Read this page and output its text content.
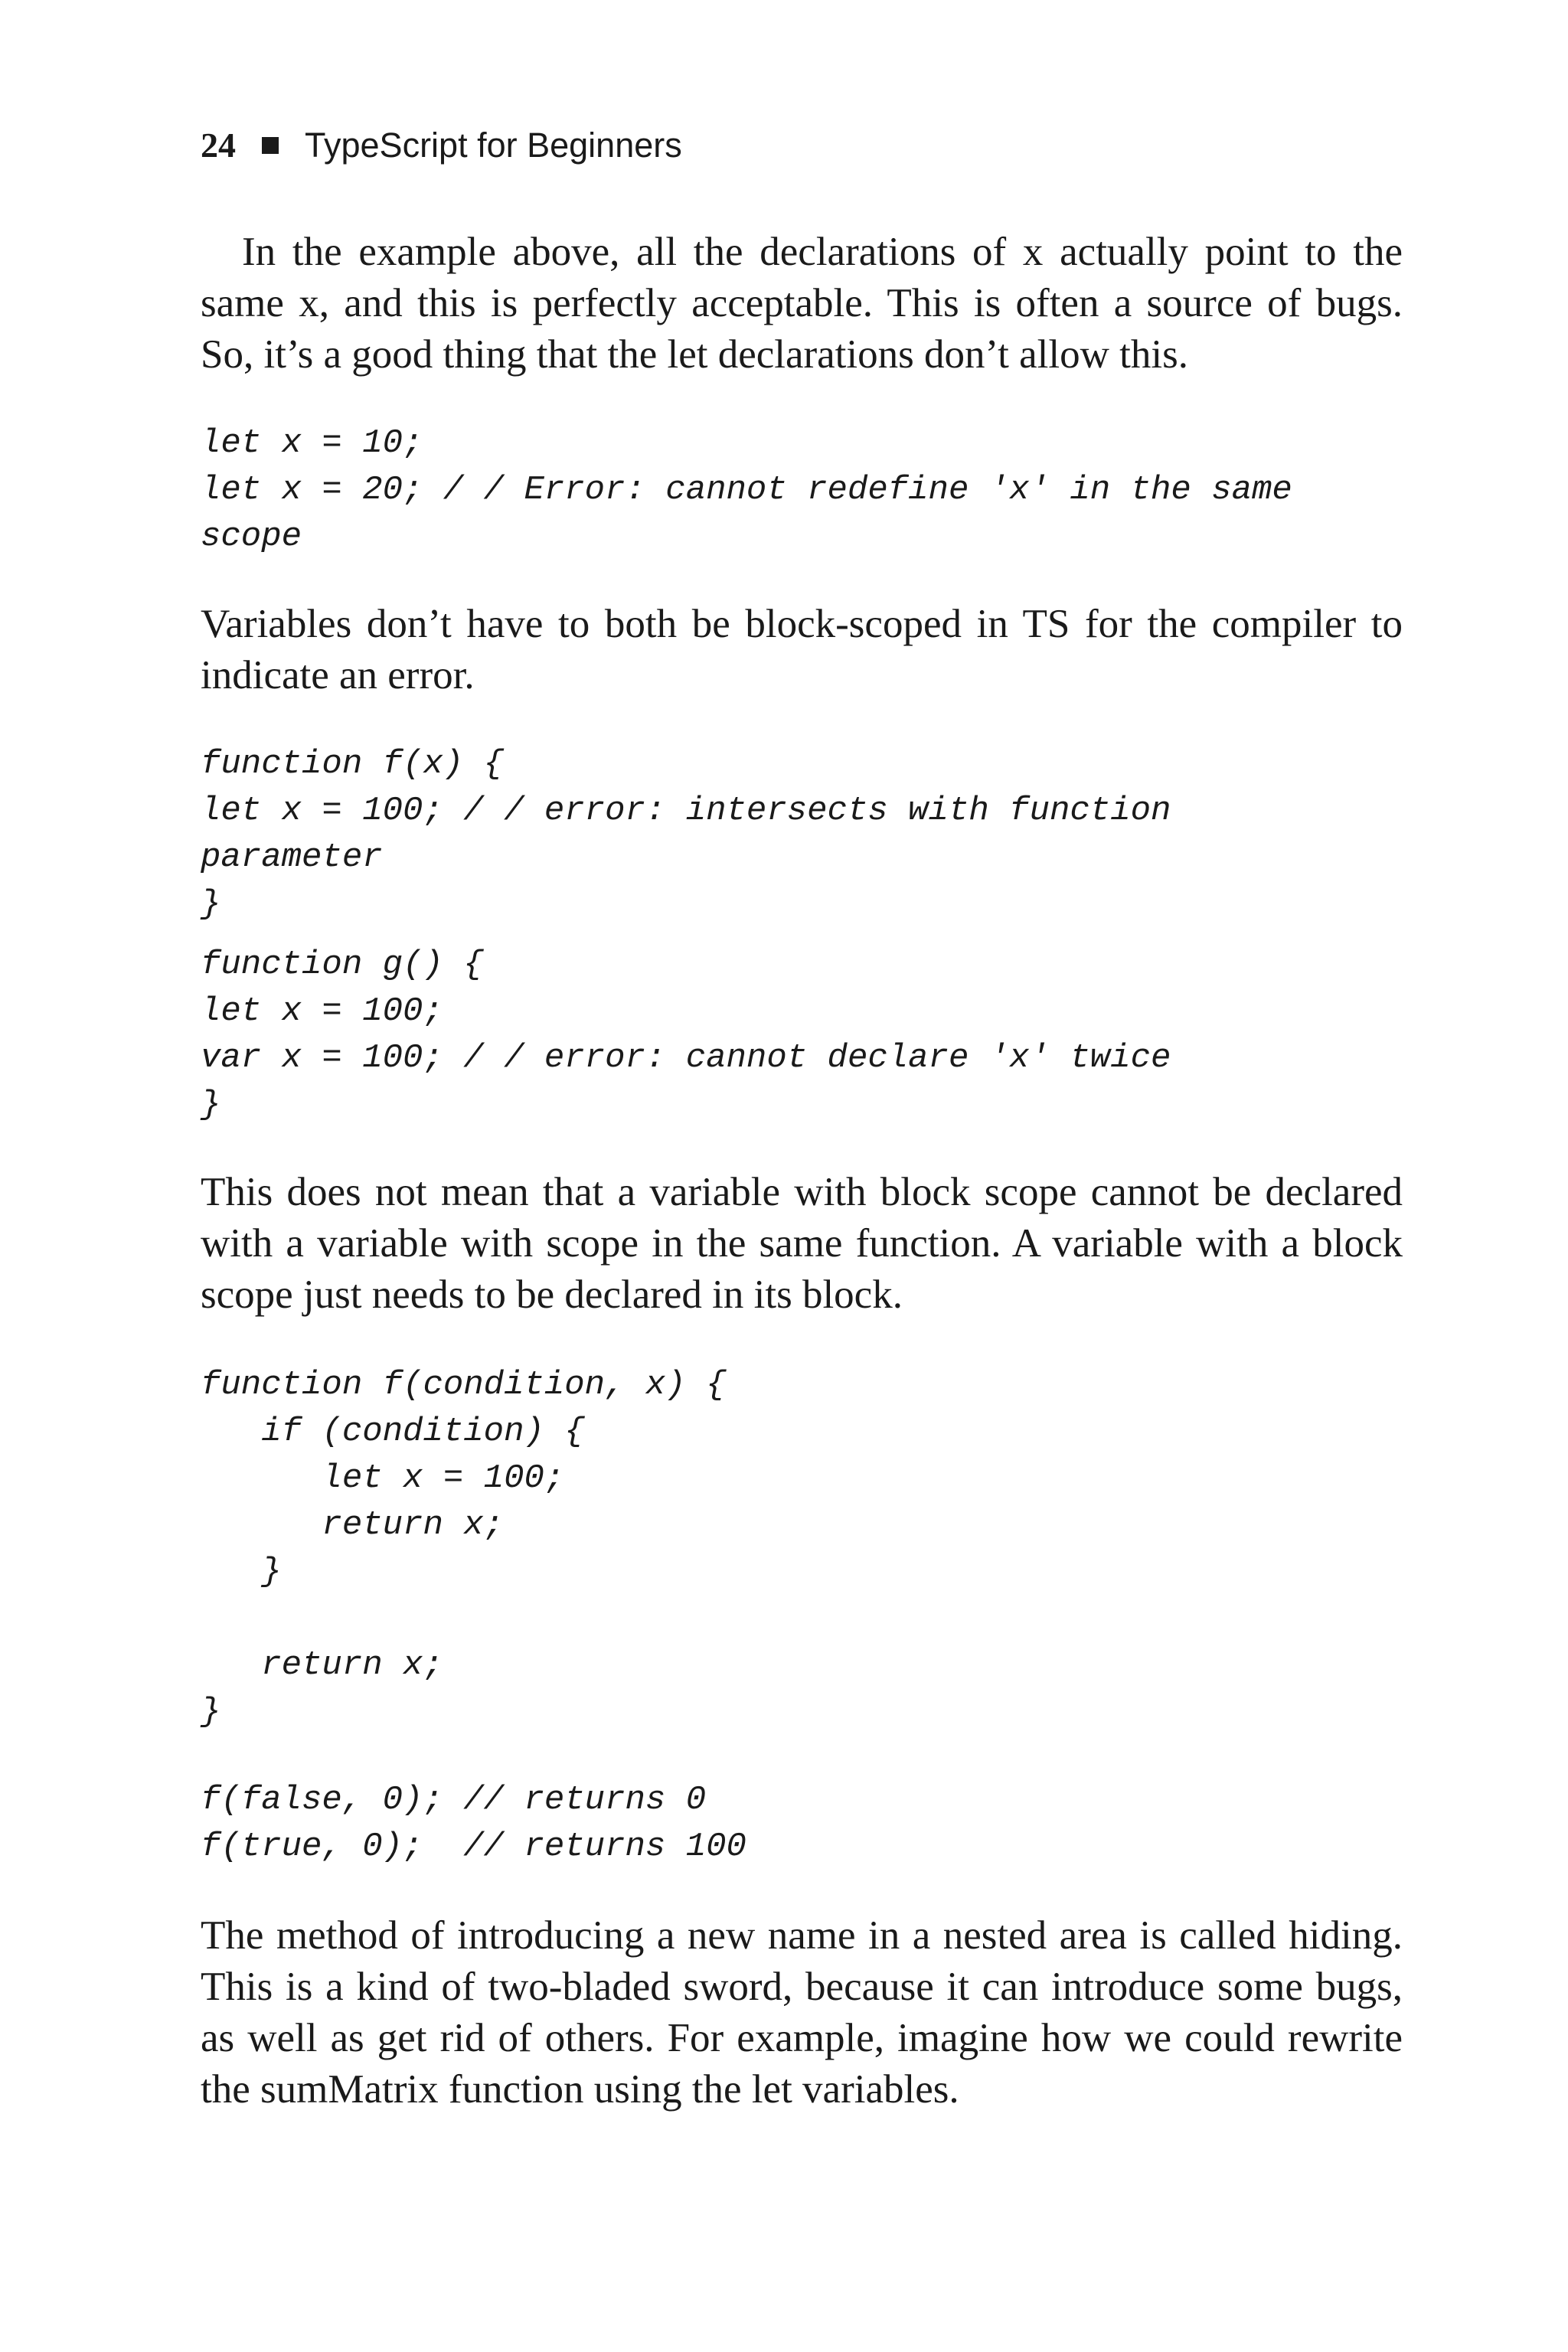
24 TypeScript for Beginners

In the example above, all the declarations of x actually point to the same x, and this is perfectly acceptable. This is often a source of bugs. So, it’s a good thing that the let declarations don’t allow this.

let x = 10;
let x = 20; / / Error: cannot redefine 'x' in the same
scope

Variables don’t have to both be block-scoped in TS for the compiler to indicate an error.

function f(x) {
let x = 100; / / error: intersects with function
parameter
}
function g() {
let x = 100;
var x = 100; / / error: cannot declare 'x' twice
}

This does not mean that a variable with block scope cannot be declared with a variable with scope in the same function. A variable with a block scope just needs to be declared in its block.

function f(condition, x) {
if (condition) {
let x = 100;
return x;
}

return x;
}
f(false, 0); // returns 0
f(true, 0);  // returns 100

The method of introducing a new name in a nested area is called hiding. This is a kind of two-bladed sword, because it can introduce some bugs, as well as get rid of others. For example, imagine how we could rewrite the sumMatrix function using the let variables.
